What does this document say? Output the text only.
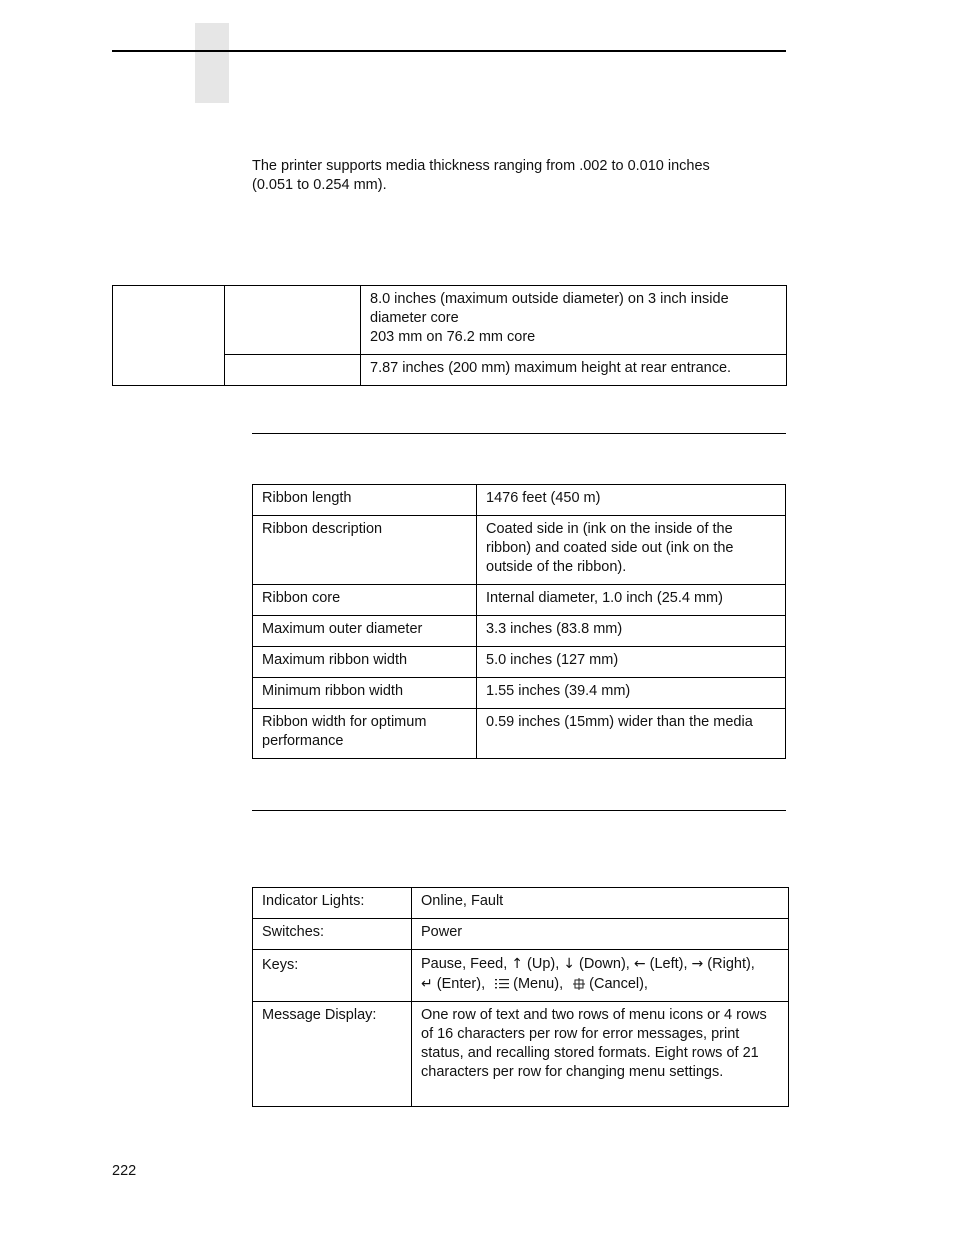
The printer supports media thickness ranging from .002 to 0.010 inches
(0.051 to 0.254 mm).

		8.0 inches (maximum outside diameter) on 3 inch inside
diameter core
203 mm on 76.2 mm core

		7.87 inches (200 mm) maximum height at rear entrance.
Ribbon length	1476 feet (450 m)
Ribbon description	Coated side in (ink on the inside of the ribbon) and coated side out (ink on the outside of the ribbon).
Ribbon core	Internal diameter, 1.0 inch (25.4 mm)
Maximum outer diameter	3.3 inches (83.8 mm)
Maximum ribbon width	5.0 inches (127 mm)
Minimum ribbon width	1.55 inches (39.4 mm)
Ribbon width for optimum performance	0.59 inches (15mm) wider than the media
Indicator Lights:	Online, Fault
Switches:	Power
Keys:	Pause, Feed, ↑ (Up), ↓ (Down), ← (Left), → (Right),
↵ (Enter), (Menu), (Cancel),

Message Display:	One row of text and two rows of menu icons or 4 rows of 16 characters per row for error messages, print status, and recalling stored formats. Eight rows of 21 characters per row for changing menu settings.
222
